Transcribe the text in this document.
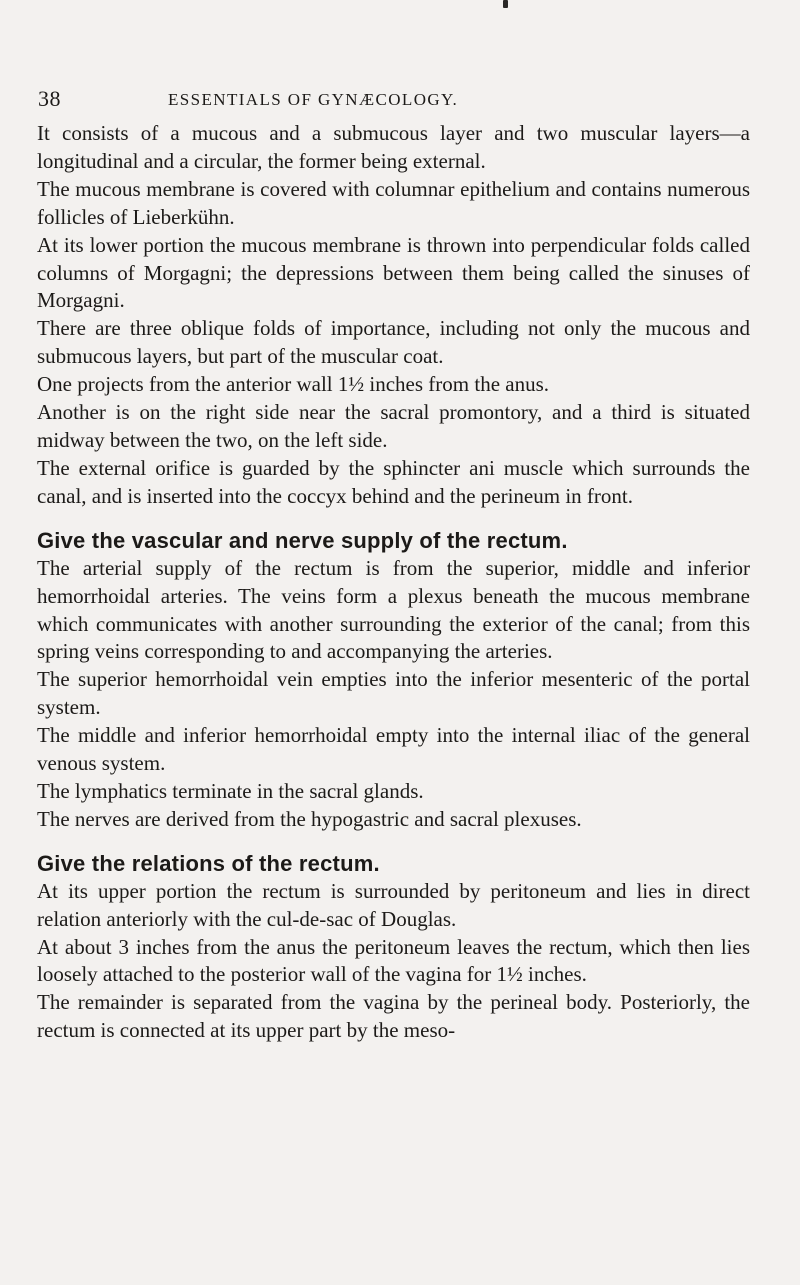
38	ESSENTIALS OF GYNÆCOLOGY.

It consists of a mucous and a submucous layer and two muscular layers—a longitudinal and a circular, the former being external.

The mucous membrane is covered with columnar epithelium and contains numerous follicles of Lieberkühn.

At its lower portion the mucous membrane is thrown into perpendicular folds called columns of Morgagni; the depressions between them being called the sinuses of Morgagni.

There are three oblique folds of importance, including not only the mucous and submucous layers, but part of the muscular coat.

One projects from the anterior wall 1½ inches from the anus.

Another is on the right side near the sacral promontory, and a third is situated midway between the two, on the left side.

The external orifice is guarded by the sphincter ani muscle which surrounds the canal, and is inserted into the coccyx behind and the perineum in front.

Give the vascular and nerve supply of the rectum.

The arterial supply of the rectum is from the superior, middle and inferior hemorrhoidal arteries. The veins form a plexus beneath the mucous membrane which communicates with another surrounding the exterior of the canal; from this spring veins corresponding to and accompanying the arteries.

The superior hemorrhoidal vein empties into the inferior mesenteric of the portal system.

The middle and inferior hemorrhoidal empty into the internal iliac of the general venous system.

The lymphatics terminate in the sacral glands.

The nerves are derived from the hypogastric and sacral plexuses.

Give the relations of the rectum.

At its upper portion the rectum is surrounded by peritoneum and lies in direct relation anteriorly with the cul-de-sac of Douglas.

At about 3 inches from the anus the peritoneum leaves the rectum, which then lies loosely attached to the posterior wall of the vagina for 1½ inches.

The remainder is separated from the vagina by the perineal body. Posteriorly, the rectum is connected at its upper part by the meso-
